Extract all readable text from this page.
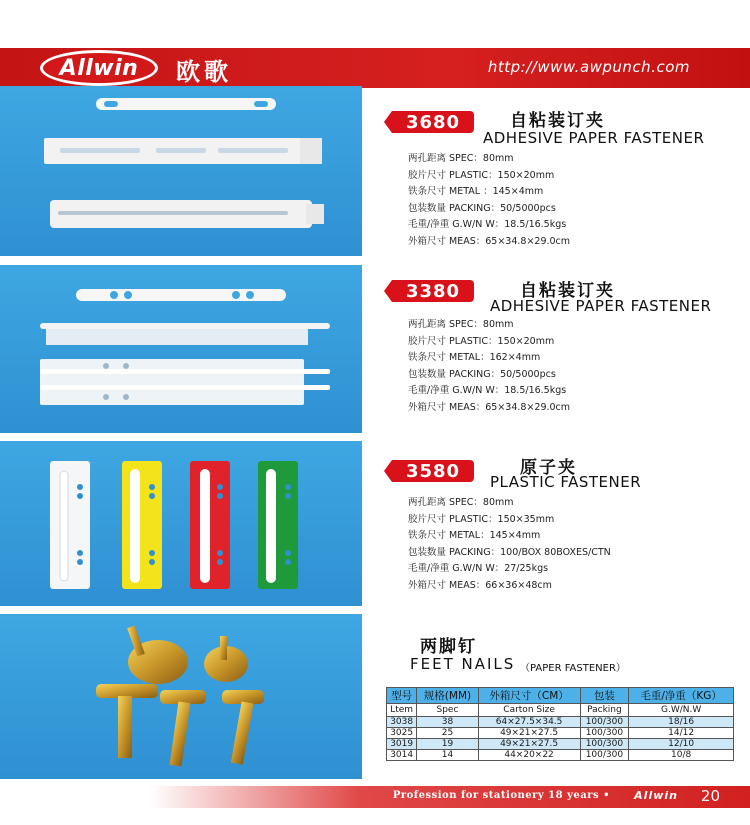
Allwin 欧歌	http://www.awpunch.com
3680	自粘装订夹
ADHESIVE PAPER FASTENER
两孔距离 SPEC：80mm
胶片尺寸 PLASTIC：150×20mm
铁条尺寸 METAL ：145×4mm
包装数量 PACKING：50/5000pcs
毛重/净重 G.W/N W：18.5/16.5kgs
外箱尺寸 MEAS：65×34.8×29.0cm
3380	自粘装订夹
ADHESIVE PAPER FASTENER
两孔距离 SPEC：80mm
胶片尺寸 PLASTIC：150×20mm
铁条尺寸 METAL：162×4mm
包装数量 PACKING：50/5000pcs
毛重/净重 G.W/N W：18.5/16.5kgs
外箱尺寸 MEAS：65×34.8×29.0cm
3580	原子夹
PLASTIC FASTENER
两孔距离 SPEC：80mm
胶片尺寸 PLASTIC：150×35mm
铁条尺寸 METAL：145×4mm
包装数量 PACKING：100/BOX 80BOXES/CTN
毛重/净重 G.W/N W：27/25kgs
外箱尺寸 MEAS：66×36×48cm
两脚钉
FEET NAILS （PAPER FASTENER）
型号	规格(MM)	外箱尺寸（CM）	包装	毛重/净重（KG）
Ltem	Spec	Carton Size	Packing	G.W/N.W
3038	38	64×27.5×34.5	100/300	18/16
3025	25	49×21×27.5	100/300	14/12
3019	19	49×21×27.5	100/300	12/10
3014	14	44×20×22	100/300	10/8
Profession for stationery 18 years • Allwin 20
